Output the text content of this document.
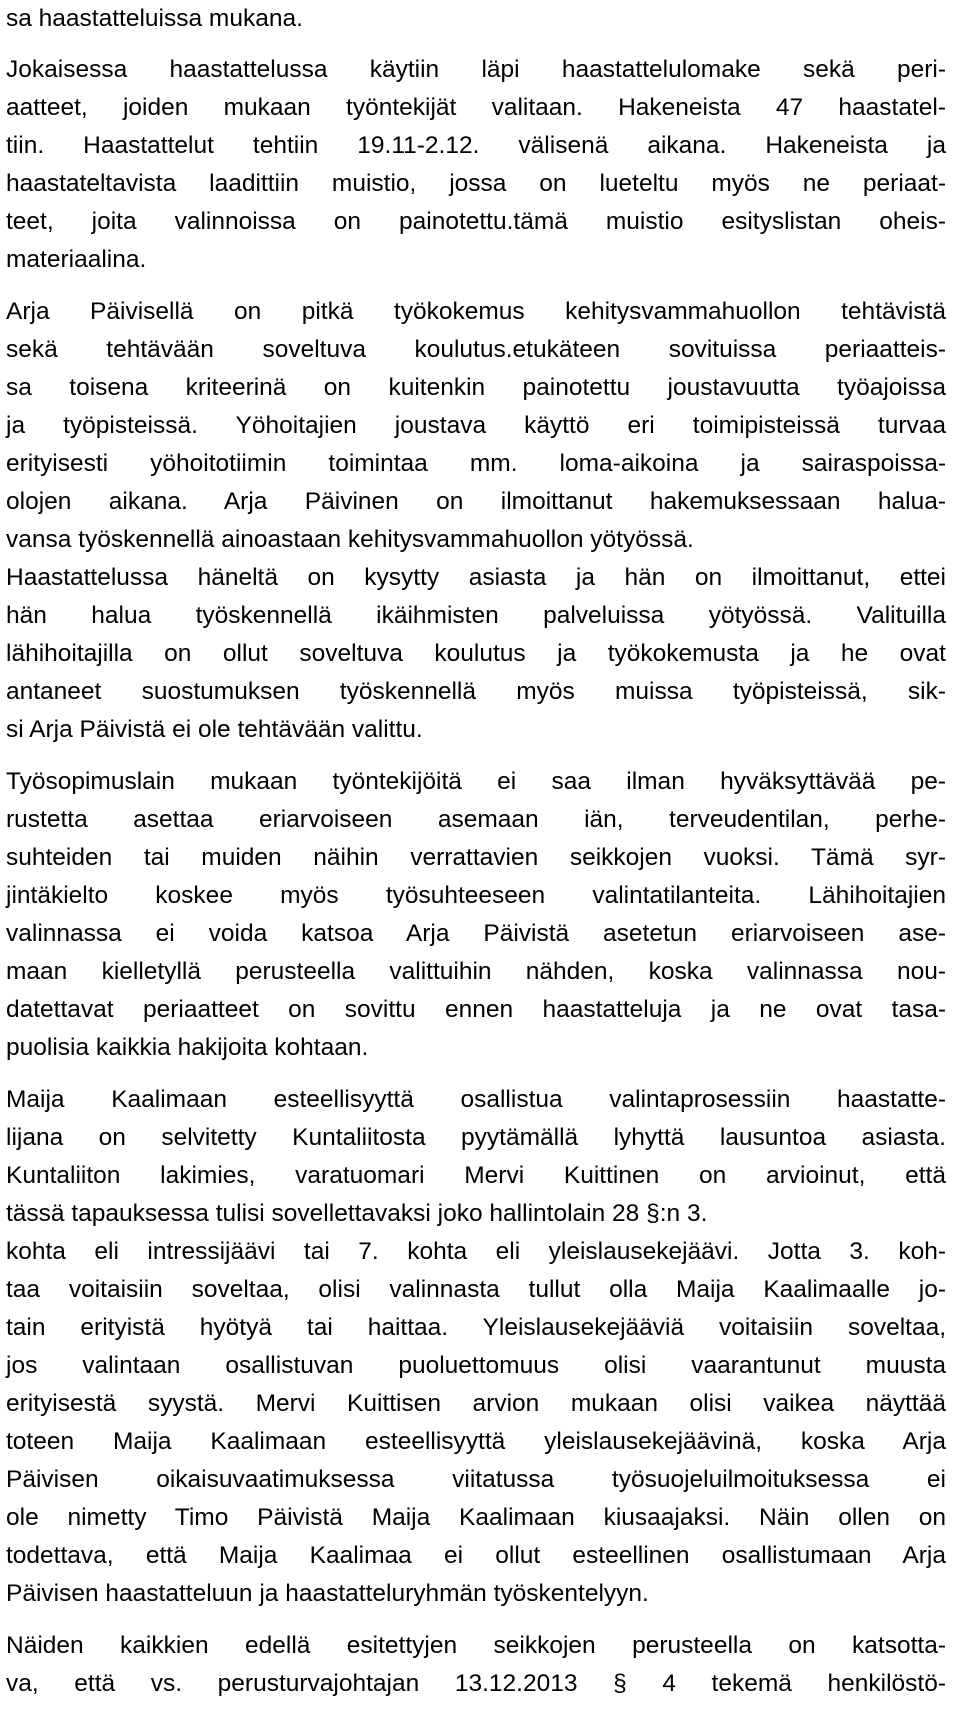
sa haastatteluissa mukana.
Jokaisessa haastattelussa käytiin läpi haastattelulomake sekä peri-
aatteet, joiden mukaan työntekijät valitaan. Hakeneista 47 haastatel-
tiin. Haastattelut tehtiin 19.11-2.12. välisenä aikana. Hakeneista ja
haastateltavista laadittiin muistio, jossa on lueteltu myös ne periaat-
teet, joita valinnoissa on painotettu.tämä muistio esityslistan oheis-
materiaalina.
Arja Päivisellä on pitkä työkokemus kehitysvammahuollon tehtävistä
sekä tehtävään soveltuva koulutus.etukäteen sovituissa periaatteis-
sa toisena kriteerinä on kuitenkin painotettu joustavuutta työajoissa
ja työpisteissä. Yöhoitajien joustava käyttö eri toimipisteissä turvaa
erityisesti yöhoitotiimin toimintaa mm. loma-aikoina ja sairaspoissa-
olojen aikana. Arja Päivinen on ilmoittanut hakemuksessaan halua-
vansa työskennellä ainoastaan kehitysvammahuollon yötyössä.
Haastattelussa häneltä on kysytty asiasta ja hän on ilmoittanut, ettei
hän halua työskennellä ikäihmisten palveluissa yötyössä. Valituilla
lähihoitajilla on ollut soveltuva koulutus ja työkokemusta ja he ovat
antaneet suostumuksen työskennellä myös muissa työpisteissä, sik-
si Arja Päivistä ei ole tehtävään valittu.
Työsopimuslain mukaan työntekijöitä ei saa ilman hyväksyttävää pe-
rustetta asettaa eriarvoiseen asemaan iän, terveudentilan, perhe-
suhteiden tai muiden näihin verrattavien seikkojen vuoksi. Tämä syr-
jintäkielto koskee myös työsuhteeseen valintatilanteita. Lähihoitajien
valinnassa ei voida katsoa Arja Päivistä asetetun eriarvoiseen ase-
maan kielletyllä perusteella valittuihin nähden, koska valinnassa nou-
datettavat periaatteet on sovittu ennen haastatteluja ja ne ovat tasa-
puolisia kaikkia hakijoita kohtaan.
Maija Kaalimaan esteellisyyttä osallistua valintaprosessiin haastatte-
lijana on selvitetty Kuntaliitosta pyytämällä lyhyttä lausuntoa asiasta.
Kuntaliiton lakimies, varatuomari Mervi Kuittinen on arvioinut, että
tässä tapauksessa tulisi sovellettavaksi joko hallintolain 28 §:n 3.
kohta eli intressijäävi tai 7. kohta eli yleislausekejäävi. Jotta 3. koh-
taa voitaisiin soveltaa, olisi valinnasta tullut olla Maija Kaalimaalle jo-
tain erityistä hyötyä tai haittaa. Yleislausekejääviä voitaisiin soveltaa,
jos valintaan osallistuvan puoluettomuus olisi vaarantunut muusta
erityisestä syystä. Mervi Kuittisen arvion mukaan olisi vaikea näyttää
toteen Maija Kaalimaan esteellisyyttä yleislausekejäävinä, koska Arja
Päivisen oikaisuvaatimuksessa viitatussa työsuojeluilmoituksessa ei
ole nimetty Timo Päivistä Maija Kaalimaan kiusaajaksi. Näin ollen on
todettava, että Maija Kaalimaa ei ollut esteellinen osallistumaan Arja
Päivisen haastatteluun ja haastatteluryhmän työskentelyyn.
Näiden kaikkien edellä esitettyjen seikkojen perusteella on katsotta-
va, että vs. perusturvajohtajan 13.12.2013 § 4 tekemä henkilöstö-
